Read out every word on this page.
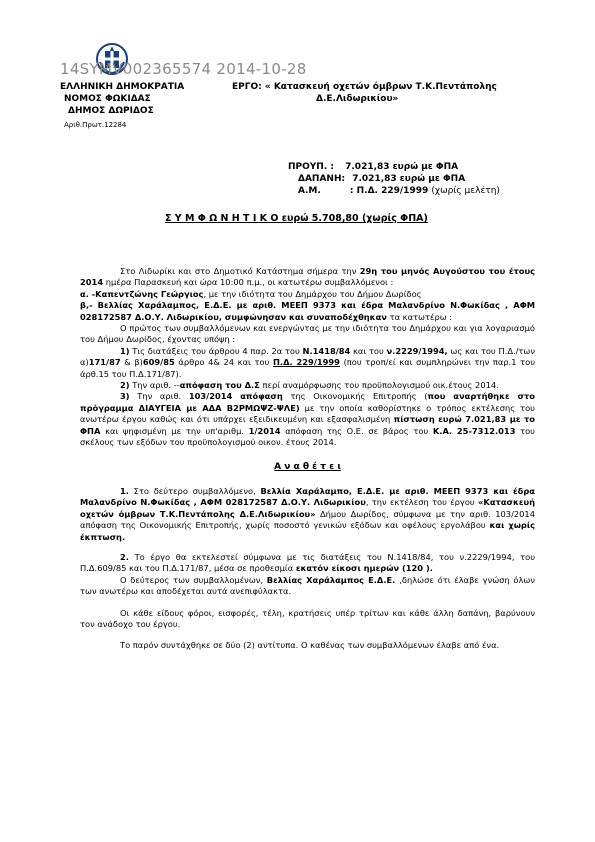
14SYMV002365574 2014-10-28
ΕΛΛΗΝΙΚΗ ΔΗΜΟΚΡΑΤΙΑ
ΝΟΜΟΣ ΦΩΚΙΔΑΣ
ΔΗΜΟΣ ΔΩΡΙΔΟΣ
Αριθ.Πρωτ.12284
ΕΡΓΟ: « Κατασκευή οχετών όμβρων Τ.Κ.Πεντάπολης
Δ.Ε.Λιδωρικίου»
ΠΡΟΥΠ. : 7.021,83 ευρώ με ΦΠΑ
ΔΑΠΑΝΗ: 7.021,83 ευρώ με ΦΠΑ
Α.Μ.	: Π.Δ. 229/1999 (χωρίς μελέτη)
Σ Υ Μ Φ Ω Ν Η Τ Ι Κ Ο ευρώ 5.708,80 (χωρίς ΦΠΑ)

Στο Λιδωρίκι και στο Δημοτικό Κατάστημα σήμερα την 29η του μηνός Αυγούστου του έτους 2014 ημέρα Παρασκευή και ώρα 10:00 π.μ., οι κατωτέρω συμβαλλόμενοι :

α. -Καπεντζώνης Γεώργιος, με την ιδιότητα του Δημάρχου του Δήμου Δωρίδος

β,- Βελλίας Χαράλαμπος, Ε.Δ.Ε. με αριθ. ΜΕΕΠ 9373 και έδρα Μαλανδρίνο Ν.Φωκίδας , ΑΦΜ 028172587 Δ.Ο.Υ. Λιδωρικίου, συμφώνησαν και συναποδέχθηκαν τα κατωτέρω :

Ο πρώτος των συμβαλλόμενων και ενεργώντας με την ιδιότητα του Δημάρχου και για λογαριασμό του Δήμου Δωρίδος, έχοντας υπόψη :

1) Τις διατάξεις του άρθρου 4 παρ. 2α του Ν.1418/84 και του ν.2229/1994, ως και του Π.Δ./των α)171/87 & β)609/85 άρθρο 4& 24 και του Π.Δ. 229/1999 (που τροπ/εί και συμπληρώνει την παρ.1 του άρθ.15 του Π.Δ.171/87).

2) Την αριθ. --απόφαση του Δ.Σ περί αναμόρφωσης του προϋπολογισμού οικ.έτους 2014.

3) Την αριθ. 103/2014 απόφαση της Οικονομικής Επιτροπής (που αναρτήθηκε στο πρόγραμμα ΔΙΑΥΓΕΙΑ με ΑΔΑ Β2ΡΜΩΨΖ-ΨΛΕ) με την οποία καθορίστηκε ο τρόπος εκτέλεσης του ανωτέρω έργου καθώς και ότι υπάρχει εξειδικευμένη και εξασφαλισμένη πίστωση ευρώ 7.021,83 με το ΦΠΑ και ψηφισμένη με την υπ'αριθμ. 1/2014 απόφαση της Ο.Ε. σε βάρος του Κ.Α. 25-7312.013 του σκέλους των εξόδων του προϋπολογισμού οικον. έτους 2014.

Α ν α θ έ τ ε ι

1. Στο δεύτερο συμβαλλόμενο, Βελλία Χαράλαμπο, Ε.Δ.Ε. με αριθ. ΜΕΕΠ 9373 και έδρα Μαλανδρίνο Ν.Φωκίδας , ΑΦΜ 028172587 Δ.Ο.Υ. Λιδωρικίου, την εκτέλεση του έργου «Κατασκευή οχετών όμβρων Τ.Κ.Πεντάπολης Δ.Ε.Λιδωρικίου» Δήμου Δωρίδος, σύμφωνα με την αριθ. 103/2014 απόφαση της Οικονομικής Επιτροπής, χωρίς ποσοστό γενικών εξόδων και οφέλους εργολάβου και χωρίς έκπτωση.

2. Το έργο θα εκτελεστεί σύμφωνα με τις διατάξεις του Ν.1418/84, του ν.2229/1994, του Π.Δ.609/85 και του Π.Δ.171/87, μέσα σε προθεσμία εκατόν είκοσι ημερών (120 ).

Ο δεύτερος των συμβαλλομένων, Βελλίας Χαράλαμπος Ε.Δ.Ε. ,δηλώσε ότι έλαβε γνώση όλων των ανωτέρω και αποδέχεται αυτά ανεπιφύλακτα.

Οι κάθε είδους φόροι, εισφορές, τέλη, κρατήσεις υπέρ τρίτων και κάθε άλλη δαπάνη, βαρύνουν τον ανάδοχο του έργου.

Το παρόν συντάχθηκε σε δύο (2) αντίτυπα. Ο καθένας των συμβαλλόμενων έλαβε από ένα.
